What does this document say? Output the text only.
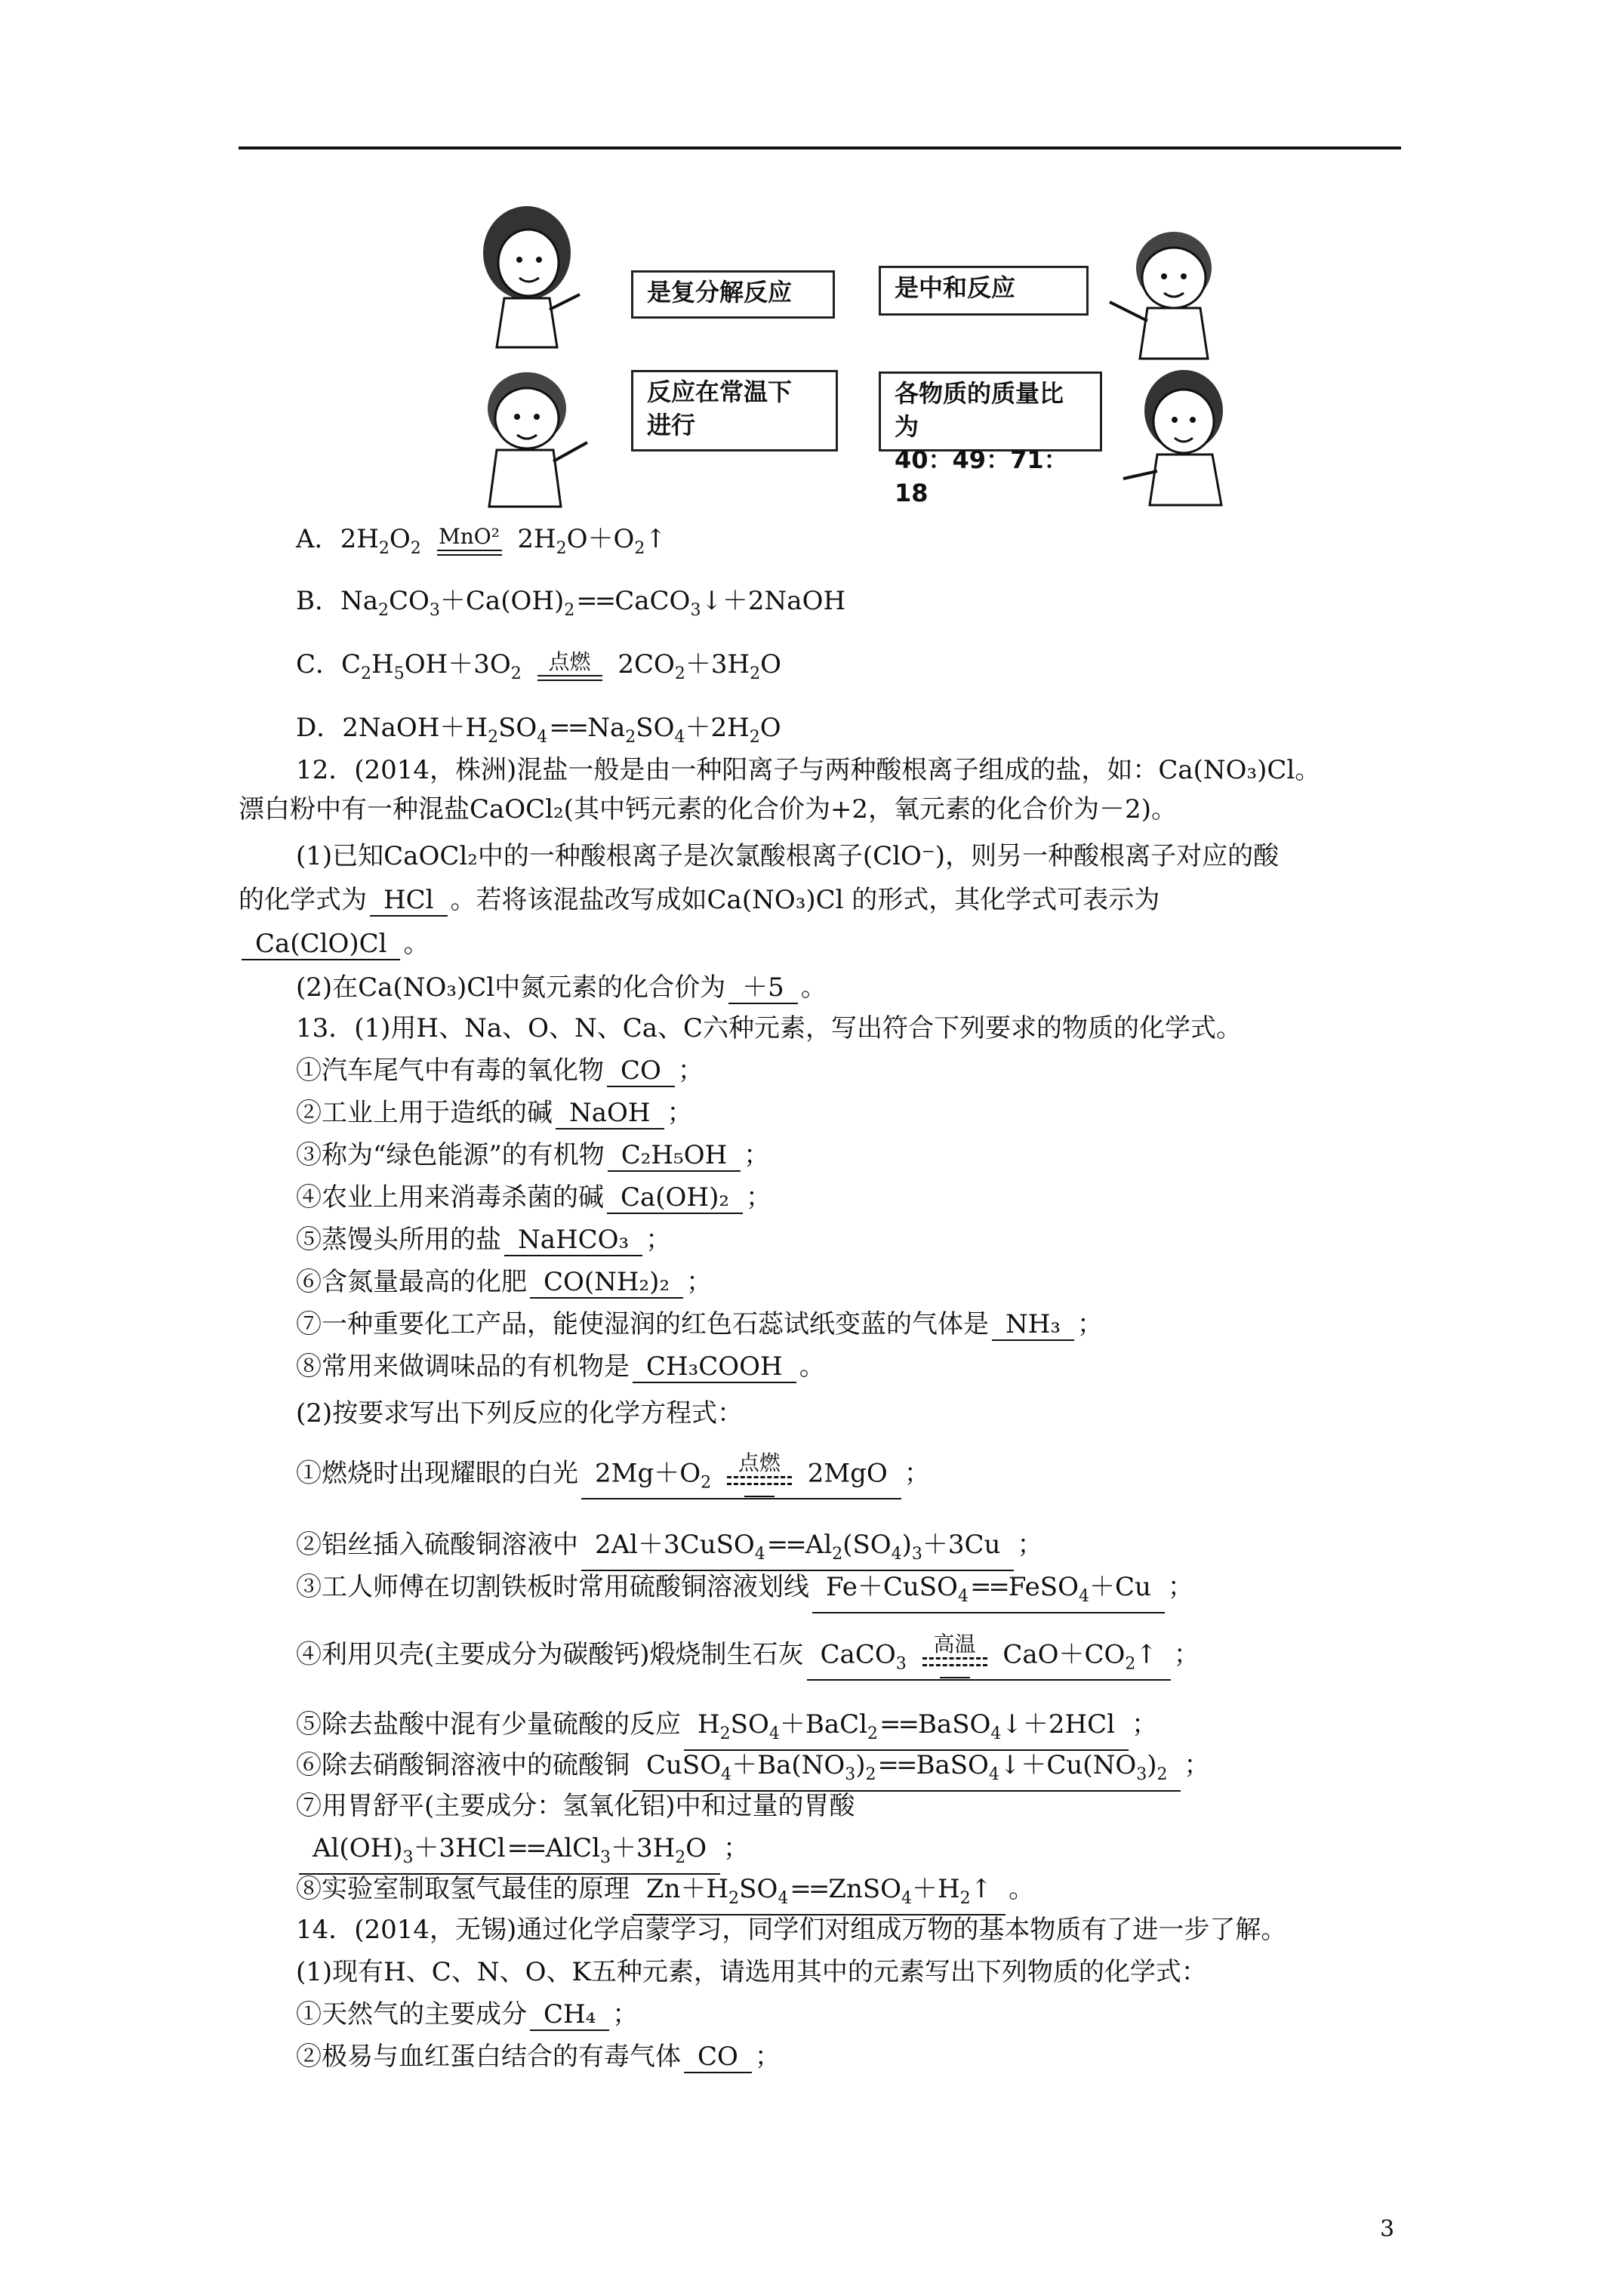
是复分解反应	是中和反应
反应在常温下
进行
各物质的质量比为
40：49：71：18
A．$2H_2O_2$ MnO² $2H_2O+O_2↑$
B．$Na_2CO_3+Ca(OH)_2==CaCO_3↓+2NaOH$
C．$C_2H_5OH+3O_2$ 点燃 $2CO_2+3H_2O$
D．$2NaOH+H_2SO_4==Na_2SO_4+2H_2O$
12．(2014，株洲)混盐一般是由一种阳离子与两种酸根离子组成的盐，如：Ca(NO₃)Cl。
漂白粉中有一种混盐CaOCl₂(其中钙元素的化合价为+2，氧元素的化合价为－2)。
(1)已知CaOCl₂中的一种酸根离子是次氯酸根离子(ClO⁻)，则另一种酸根离子对应的酸
的化学式为 HCl 。若将该混盐改写成如Ca(NO₃)Cl 的形式，其化学式可表示为
Ca(ClO)Cl 。
(2)在Ca(NO₃)Cl中氮元素的化合价为 ＋5 。
13．(1)用H、Na、O、N、Ca、C六种元素，写出符合下列要求的物质的化学式。
①汽车尾气中有毒的氧化物 CO ；
②工业上用于造纸的碱 NaOH ；
③称为“绿色能源”的有机物 C₂H₅OH ；
④农业上用来消毒杀菌的碱 Ca(OH)₂ ；
⑤蒸馒头所用的盐 NaHCO₃ ；
⑥含氮量最高的化肥 CO(NH₂)₂ ；
⑦一种重要化工产品，能使湿润的红色石蕊试纸变蓝的气体是 NH₃ ；
⑧常用来做调味品的有机物是 CH₃COOH 。
(2)按要求写出下列反应的化学方程式：
①燃烧时出现耀眼的白光 $2Mg+O_2$
点燃 2MgO ；
②铝丝插入硫酸铜溶液中 $2Al+3CuSO_4==Al_2(SO_4)_3+3Cu$ ；
③工人师傅在切割铁板时常用硫酸铜溶液划线 Fe＋CuSO$_4$==FeSO$_4$＋Cu ；
④利用贝壳(主要成分为碳酸钙)煅烧制生石灰 CaCO$_3$
高温 $CaO+CO_2↑$ ；
⑤除去盐酸中混有少量硫酸的反应 $H_2SO_4+BaCl_2==BaSO_4↓+2HCl$ ；
⑥除去硝酸铜溶液中的硫酸铜 $CuSO_4+Ba(NO_3)_2==BaSO_4↓+Cu(NO_3)_2$ ；
⑦用胃舒平(主要成分：氢氧化铝)中和过量的胃酸
$Al(OH)_3+3HCl==AlCl_3+3H_2O$ ；
⑧实验室制取氢气最佳的原理 $Zn+H_2SO_4==ZnSO_4+H_2↑$ 。
14．(2014，无锡)通过化学启蒙学习，同学们对组成万物的基本物质有了进一步了解。
(1)现有H、C、N、O、K五种元素，请选用其中的元素写出下列物质的化学式：
①天然气的主要成分 CH₄ ；
②极易与血红蛋白结合的有毒气体 CO ；
3
